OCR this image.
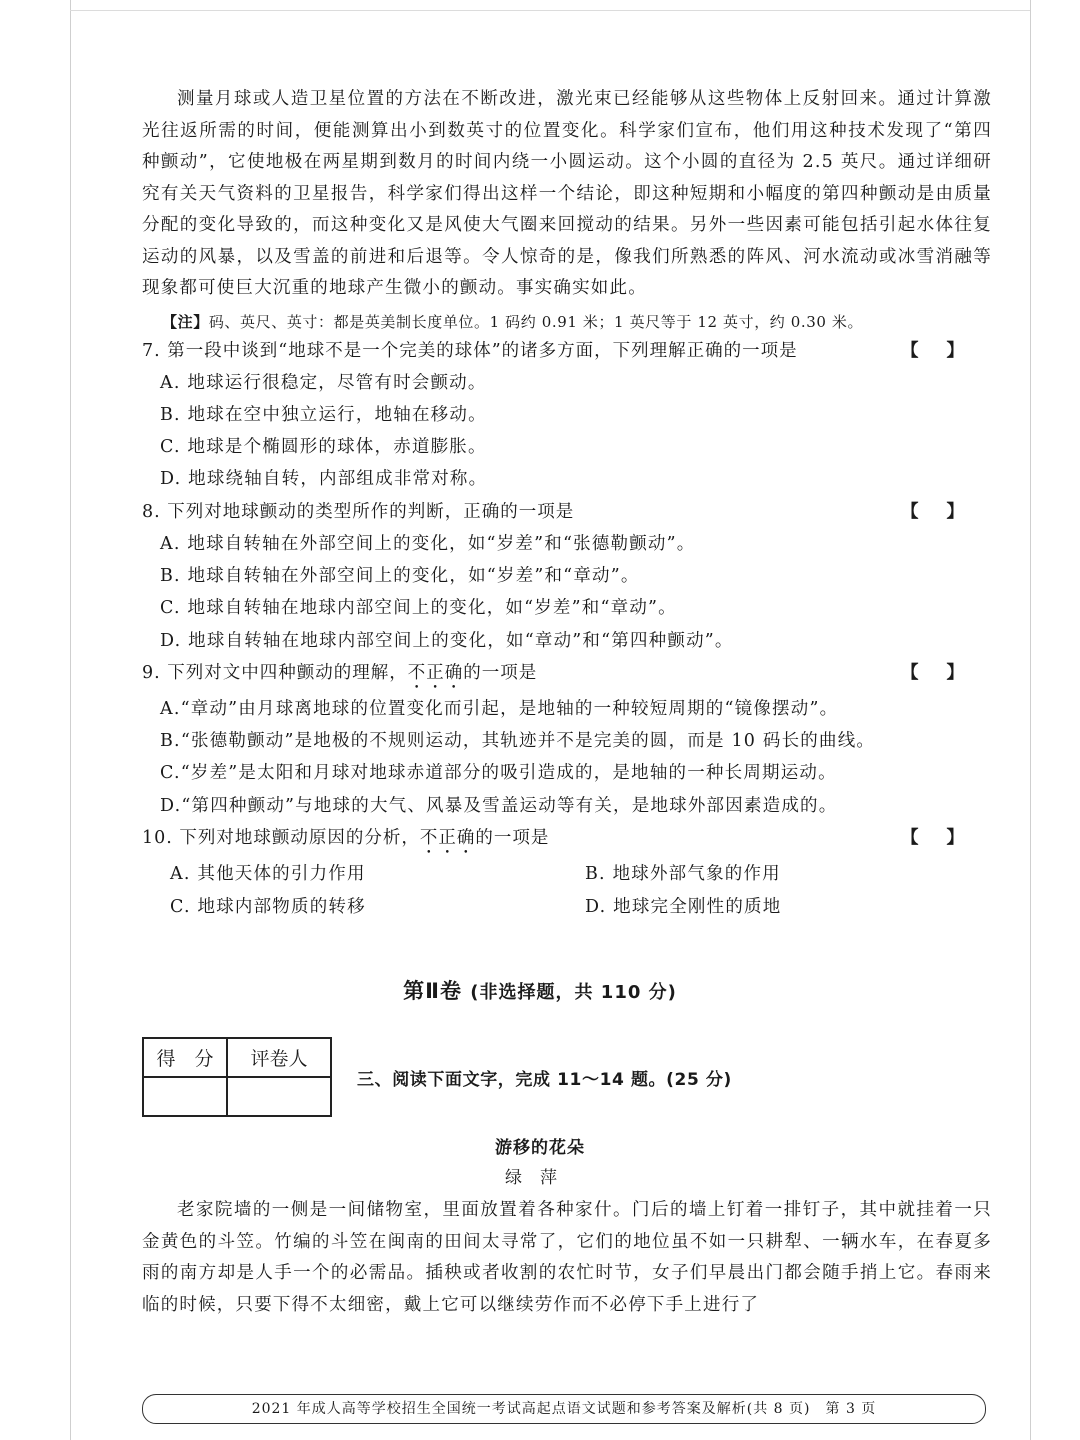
测量月球或人造卫星位置的方法在不断改进，激光束已经能够从这些物体上反射回来。通过计算激光往返所需的时间，便能测算出小到数英寸的位置变化。科学家们宣布，他们用这种技术发现了“第四种颤动”，它使地极在两星期到数月的时间内绕一小圆运动。这个小圆的直径为 2.5 英尺。通过详细研究有关天气资料的卫星报告，科学家们得出这样一个结论，即这种短期和小幅度的第四种颤动是由质量分配的变化导致的，而这种变化又是风使大气圈来回搅动的结果。另外一些因素可能包括引起水体往复运动的风暴，以及雪盖的前进和后退等。令人惊奇的是，像我们所熟悉的阵风、河水流动或冰雪消融等现象都可使巨大沉重的地球产生微小的颤动。事实确实如此。

【注】码、英尺、英寸：都是英美制长度单位。1 码约 0.91 米；1 英尺等于 12 英寸，约 0.30 米。
7. 第一段中谈到“地球不是一个完美的球体”的诸多方面，下列理解正确的一项是	【】
A. 地球运行很稳定，尽管有时会颤动。
B. 地球在空中独立运行，地轴在移动。
C. 地球是个椭圆形的球体，赤道膨胀。
D. 地球绕轴自转，内部组成非常对称。
8. 下列对地球颤动的类型所作的判断，正确的一项是	【】
A. 地球自转轴在外部空间上的变化，如“岁差”和“张德勒颤动”。
B. 地球自转轴在外部空间上的变化，如“岁差”和“章动”。
C. 地球自转轴在地球内部空间上的变化，如“岁差”和“章动”。
D. 地球自转轴在地球内部空间上的变化，如“章动”和“第四种颤动”。
9. 下列对文中四种颤动的理解，不正确的一项是	【】
A.“章动”由月球离地球的位置变化而引起，是地轴的一种较短周期的“镜像摆动”。
B.“张德勒颤动”是地极的不规则运动，其轨迹并不是完美的圆，而是 10 码长的曲线。
C.“岁差”是太阳和月球对地球赤道部分的吸引造成的，是地轴的一种长周期运动。
D.“第四种颤动”与地球的大气、风暴及雪盖运动等有关，是地球外部因素造成的。
10. 下列对地球颤动原因的分析，不正确的一项是	【】
A. 其他天体的引力作用	B. 地球外部气象的作用
C. 地球内部物质的转移	D. 地球完全刚性的质地
第Ⅱ卷 (非选择题，共 110 分)
得　分	评卷人

三、阅读下面文字，完成 11～14 题。(25 分)
游移的花朵
绿萍

老家院墙的一侧是一间储物室，里面放置着各种家什。门后的墙上钉着一排钉子，其中就挂着一只金黄色的斗笠。竹编的斗笠在闽南的田间太寻常了，它们的地位虽不如一只耕犁、一辆水车，在春夏多雨的南方却是人手一个的必需品。插秧或者收割的农忙时节，女子们早晨出门都会随手捎上它。春雨来临的时候，只要下得不太细密，戴上它可以继续劳作而不必停下手上进行了

2021 年成人高等学校招生全国统一考试高起点语文试题和参考答案及解析(共 8 页)　第 3 页
